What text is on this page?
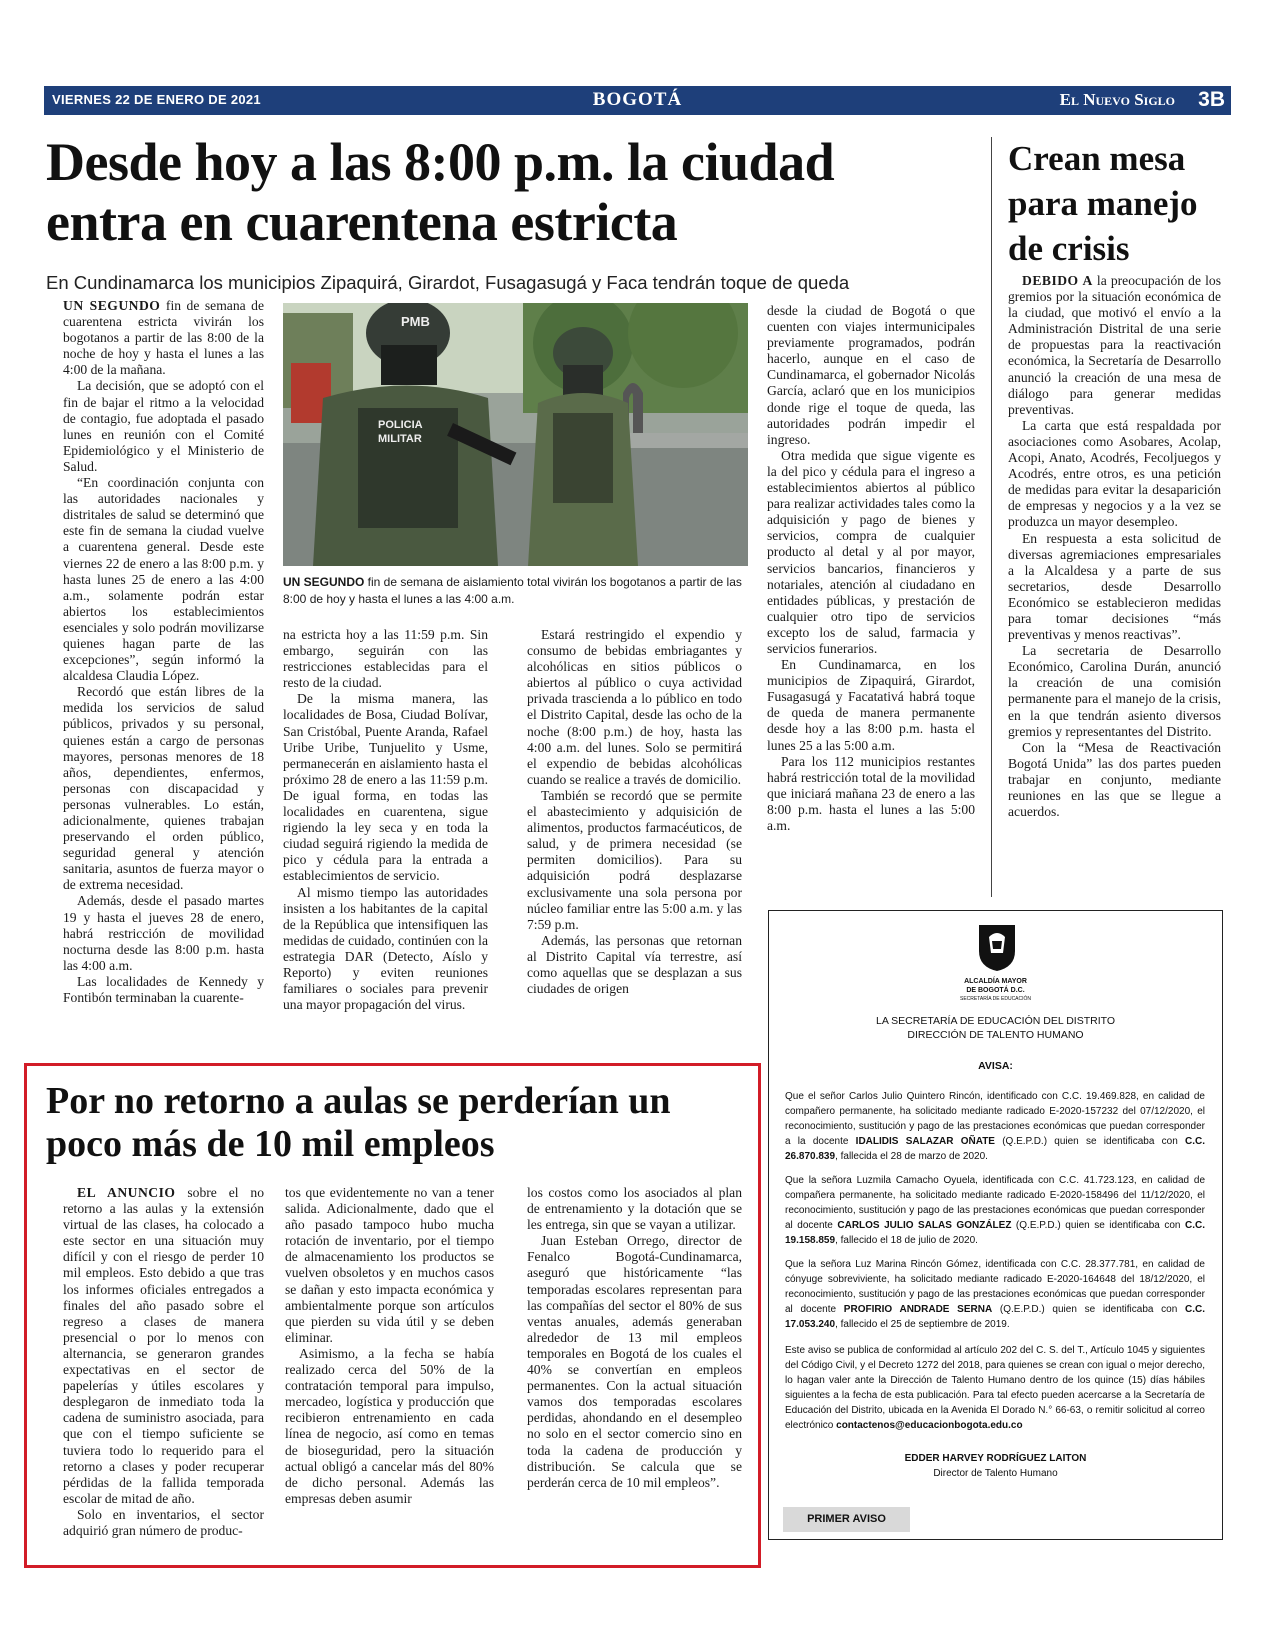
VIERNES 22 DE ENERO DE 2021	BOGOTÁ	El Nuevo Siglo 3B
Desde hoy a las 8:00 p.m. la ciudad entra en cuarentena estricta
En Cundinamarca los municipios Zipaquirá, Girardot, Fusagasugá y Faca tendrán toque de queda

UN SEGUNDO fin de semana de cuarentena estricta vivirán los bogotanos a partir de las 8:00 de la noche de hoy y hasta el lunes a las 4:00 de la mañana.

La decisión, que se adoptó con el fin de bajar el ritmo a la velocidad de contagio, fue adoptada el pasado lunes en reunión con el Comité Epidemiológico y el Ministerio de Salud.

“En coordinación conjunta con las autoridades nacionales y distritales de salud se determinó que este fin de semana la ciudad vuelve a cuarentena general. Desde este viernes 22 de enero a las 8:00 p.m. y hasta lunes 25 de enero a las 4:00 a.m., solamente podrán estar abiertos los establecimientos esenciales y solo podrán movilizarse quienes hagan parte de las excepciones”, según informó la alcaldesa Claudia López.

Recordó que están libres de la medida los servicios de salud públicos, privados y su personal, quienes están a cargo de personas mayores, personas menores de 18 años, dependientes, enfermos, personas con discapacidad y personas vulnerables. Lo están, adicionalmente, quienes trabajan preservando el orden público, seguridad general y atención sanitaria, asuntos de fuerza mayor o de extrema necesidad.

Además, desde el pasado martes 19 y hasta el jueves 28 de enero, habrá restricción de movilidad nocturna desde las 8:00 p.m. hasta las 4:00 a.m.

Las localidades de Kennedy y Fontibón terminaban la cuarente-

PMB
POLICIA
MILITAR
UN SEGUNDO fin de semana de aislamiento total vivirán los bogotanos a partir de las 8:00 de hoy y hasta el lunes a las 4:00 a.m.

na estricta hoy a las 11:59 p.m. Sin embargo, seguirán con las restricciones establecidas para el resto de la ciudad.

De la misma manera, las localidades de Bosa, Ciudad Bolívar, San Cristóbal, Puente Aranda, Rafael Uribe Uribe, Tunjuelito y Usme, permanecerán en aislamiento hasta el próximo 28 de enero a las 11:59 p.m. De igual forma, en todas las localidades en cuarentena, sigue rigiendo la ley seca y en toda la ciudad seguirá rigiendo la medida de pico y cédula para la entrada a establecimientos de servicio.

Al mismo tiempo las autoridades insisten a los habitantes de la capital de la República que intensifiquen las medidas de cuidado, continúen con la estrategia DAR (Detecto, Aíslo y Reporto) y eviten reuniones familiares o sociales para prevenir una mayor propagación del virus.

Estará restringido el expendio y consumo de bebidas embriagantes y alcohólicas en sitios públicos o abiertos al público o cuya actividad privada trascienda a lo público en todo el Distrito Capital, desde las ocho de la noche (8:00 p.m.) de hoy, hasta las 4:00 a.m. del lunes. Solo se permitirá el expendio de bebidas alcohólicas cuando se realice a través de domicilio.

También se recordó que se permite el abastecimiento y adquisición de alimentos, productos farmacéuticos, de salud, y de primera necesidad (se permiten domicilios). Para su adquisición podrá desplazarse exclusivamente una sola persona por núcleo familiar entre las 5:00 a.m. y las 7:59 p.m.

Además, las personas que retornan al Distrito Capital vía terrestre, así como aquellas que se desplazan a sus ciudades de origen

desde la ciudad de Bogotá o que cuenten con viajes intermunicipales previamente programados, podrán hacerlo, aunque en el caso de Cundinamarca, el gobernador Nicolás García, aclaró que en los municipios donde rige el toque de queda, las autoridades podrán impedir el ingreso.

Otra medida que sigue vigente es la del pico y cédula para el ingreso a establecimientos abiertos al público para realizar actividades tales como la adquisición y pago de bienes y servicios, compra de cualquier producto al detal y al por mayor, servicios bancarios, financieros y notariales, atención al ciudadano en entidades públicas, y prestación de cualquier otro tipo de servicios excepto los de salud, farmacia y servicios funerarios.

En Cundinamarca, en los municipios de Zipaquirá, Girardot, Fusagasugá y Facatativá habrá toque de queda de manera permanente desde hoy a las 8:00 p.m. hasta el lunes 25 a las 5:00 a.m.

Para los 112 municipios restantes habrá restricción total de la movilidad que iniciará mañana 23 de enero a las 8:00 p.m. hasta el lunes a las 5:00 a.m.

Crean mesa para manejo de crisis

DEBIDO A la preocupación de los gremios por la situación económica de la ciudad, que motivó el envío a la Administración Distrital de una serie de propuestas para la reactivación económica, la Secretaría de Desarrollo anunció la creación de una mesa de diálogo para generar medidas preventivas.

La carta que está respaldada por asociaciones como Asobares, Acolap, Acopi, Anato, Acodrés, Fecoljuegos y Acodrés, entre otros, es una petición de medidas para evitar la desaparición de empresas y negocios y a la vez se produzca un mayor desempleo.

En respuesta a esta solicitud de diversas agremiaciones empresariales a la Alcaldesa y a parte de sus secretarios, desde Desarrollo Económico se establecieron medidas para tomar decisiones “más preventivas y menos reactivas”.

La secretaria de Desarrollo Económico, Carolina Durán, anunció la creación de una comisión permanente para el manejo de la crisis, en la que tendrán asiento diversos gremios y representantes del Distrito.

Con la “Mesa de Reactivación Bogotá Unida” las dos partes pueden trabajar en conjunto, mediante reuniones en las que se llegue a acuerdos.

Por no retorno a aulas se perderían un poco más de 10 mil empleos

EL ANUNCIO sobre el no retorno a las aulas y la extensión virtual de las clases, ha colocado a este sector en una situación muy difícil y con el riesgo de perder 10 mil empleos. Esto debido a que tras los informes oficiales entregados a finales del año pasado sobre el regreso a clases de manera presencial o por lo menos con alternancia, se generaron grandes expectativas en el sector de papelerías y útiles escolares y desplegaron de inmediato toda la cadena de suministro asociada, para que con el tiempo suficiente se tuviera todo lo requerido para el retorno a clases y poder recuperar pérdidas de la fallida temporada escolar de mitad de año.

Solo en inventarios, el sector adquirió gran número de produc-

tos que evidentemente no van a tener salida. Adicionalmente, dado que el año pasado tampoco hubo mucha rotación de inventario, por el tiempo de almacenamiento los productos se vuelven obsoletos y en muchos casos se dañan y esto impacta económica y ambientalmente porque son artículos que pierden su vida útil y se deben eliminar.

Asimismo, a la fecha se había realizado cerca del 50% de la contratación temporal para impulso, mercadeo, logística y producción que recibieron entrenamiento en cada línea de negocio, así como en temas de bioseguridad, pero la situación actual obligó a cancelar más del 80% de dicho personal. Además las empresas deben asumir

los costos como los asociados al plan de entrenamiento y la dotación que se les entrega, sin que se vayan a utilizar.

Juan Esteban Orrego, director de Fenalco Bogotá-Cundinamarca, aseguró que históricamente “las temporadas escolares representan para las compañías del sector el 80% de sus ventas anuales, además generaban alrededor de 13 mil empleos temporales en Bogotá de los cuales el 40% se convertían en empleos permanentes. Con la actual situación vamos dos temporadas escolares perdidas, ahondando en el desempleo no solo en el sector comercio sino en toda la cadena de producción y distribución. Se calcula que se perderán cerca de 10 mil empleos”.

ALCALDÍA MAYOR
DE BOGOTÁ D.C.
SECRETARÍA DE EDUCACIÓN
LA SECRETARÍA DE EDUCACIÓN DEL DISTRITO
DIRECCIÓN DE TALENTO HUMANO
AVISA:
Que el señor Carlos Julio Quintero Rincón, identificado con C.C. 19.469.828, en calidad de compañero permanente, ha solicitado mediante radicado E-2020-157232 del 07/12/2020, el reconocimiento, sustitución y pago de las prestaciones económicas que puedan corresponder a la docente IDALIDIS SALAZAR OÑATE (Q.E.P.D.) quien se identificaba con C.C. 26.870.839, fallecida el 28 de marzo de 2020.
Que la señora Luzmila Camacho Oyuela, identificada con C.C. 41.723.123, en calidad de compañera permanente, ha solicitado mediante radicado E-2020-158496 del 11/12/2020, el reconocimiento, sustitución y pago de las prestaciones económicas que puedan corresponder al docente CARLOS JULIO SALAS GONZÁLEZ (Q.E.P.D.) quien se identificaba con C.C. 19.158.859, fallecido el 18 de julio de 2020.
Que la señora Luz Marina Rincón Gómez, identificada con C.C. 28.377.781, en calidad de cónyuge sobreviviente, ha solicitado mediante radicado E-2020-164648 del 18/12/2020, el reconocimiento, sustitución y pago de las prestaciones económicas que puedan corresponder al docente PROFIRIO ANDRADE SERNA (Q.E.P.D.) quien se identificaba con C.C. 17.053.240, fallecido el 25 de septiembre de 2019.
Este aviso se publica de conformidad al artículo 202 del C. S. del T., Artículo 1045 y siguientes del Código Civil, y el Decreto 1272 del 2018, para quienes se crean con igual o mejor derecho, lo hagan valer ante la Dirección de Talento Humano dentro de los quince (15) días hábiles siguientes a la fecha de esta publicación. Para tal efecto pueden acercarse a la Secretaría de Educación del Distrito, ubicada en la Avenida El Dorado N.° 66-63, o remitir solicitud al correo electrónico contactenos@educacionbogota.edu.co
EDDER HARVEY RODRÍGUEZ LAITON
Director de Talento Humano
PRIMER AVISO
